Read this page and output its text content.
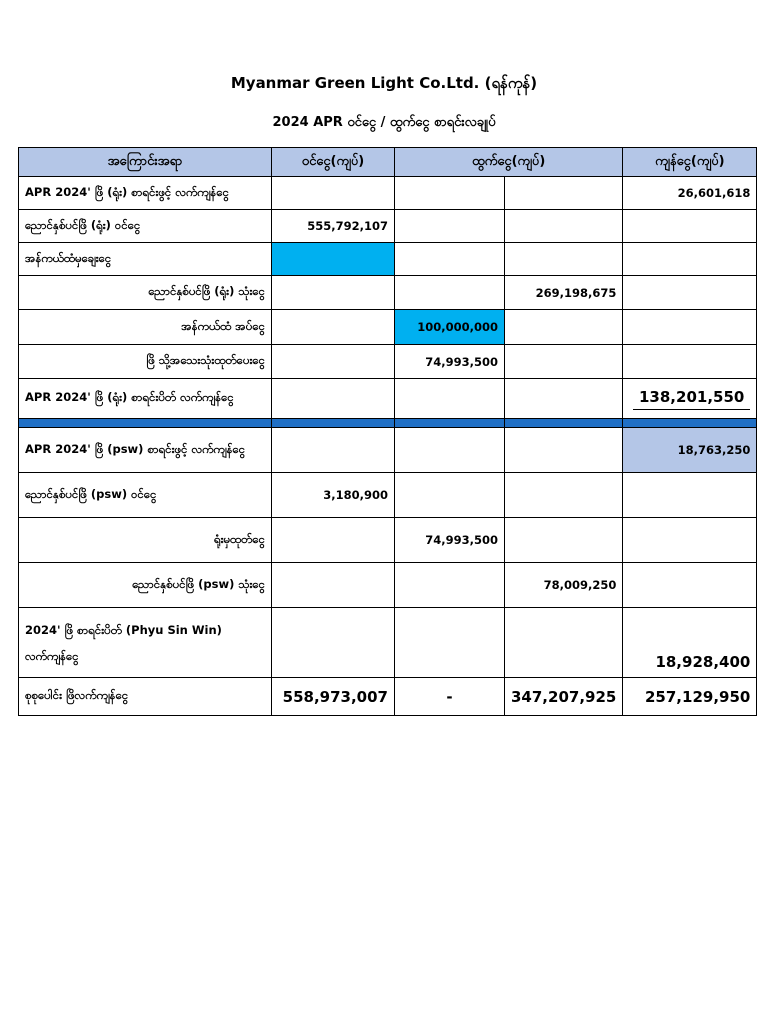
Myanmar Green Light Co.Ltd. (ရန်ကုန်)
2024 APR ဝင်ငွေ / ထွက်ငွေ စာရင်းလချုပ်
အကြောင်းအရာ	ဝင်ငွေ(ကျပ်)	ထွက်ငွေ(ကျပ်)		ကျန်ငွေ(ကျပ်)
APR 2024' ဖြိ (ရုံး) စာရင်းဖွင့် လက်ကျန်ငွေ				26,601,618
ညောင်နှစ်ပင်ဖြိ (ရုံး) ဝင်ငွေ	555,792,107			
အန်ကယ်ထံမှချေးငွေ				
ညောင်နှစ်ပင်ဖြိ (ရုံး) သုံးငွေ			269,198,675	
အန်ကယ်ထံ အပ်ငွေ		100,000,000		
ဖြိ သို့အသေးသုံးထုတ်ပေးငွေ		74,993,500		
APR 2024' ဖြိ (ရုံး) စာရင်းပိတ် လက်ကျန်ငွေ				138,201,550

APR 2024' ဖြိ (psw) စာရင်းဖွင့် လက်ကျန်ငွေ				18,763,250
ညောင်နှစ်ပင်ဖြိ (psw) ဝင်ငွေ	3,180,900			
ရုံးမှထုတ်ငွေ		74,993,500		
ညောင်နှစ်ပင်ဖြိ (psw) သုံးငွေ			78,009,250	

2024' ဖြိ စာရင်းပိတ် (Phyu Sin Win)
လက်ကျန်ငွေ				18,928,400
စုစုပေါင်း ဖြိလက်ကျန်ငွေ	558,973,007	-	347,207,925	257,129,950
